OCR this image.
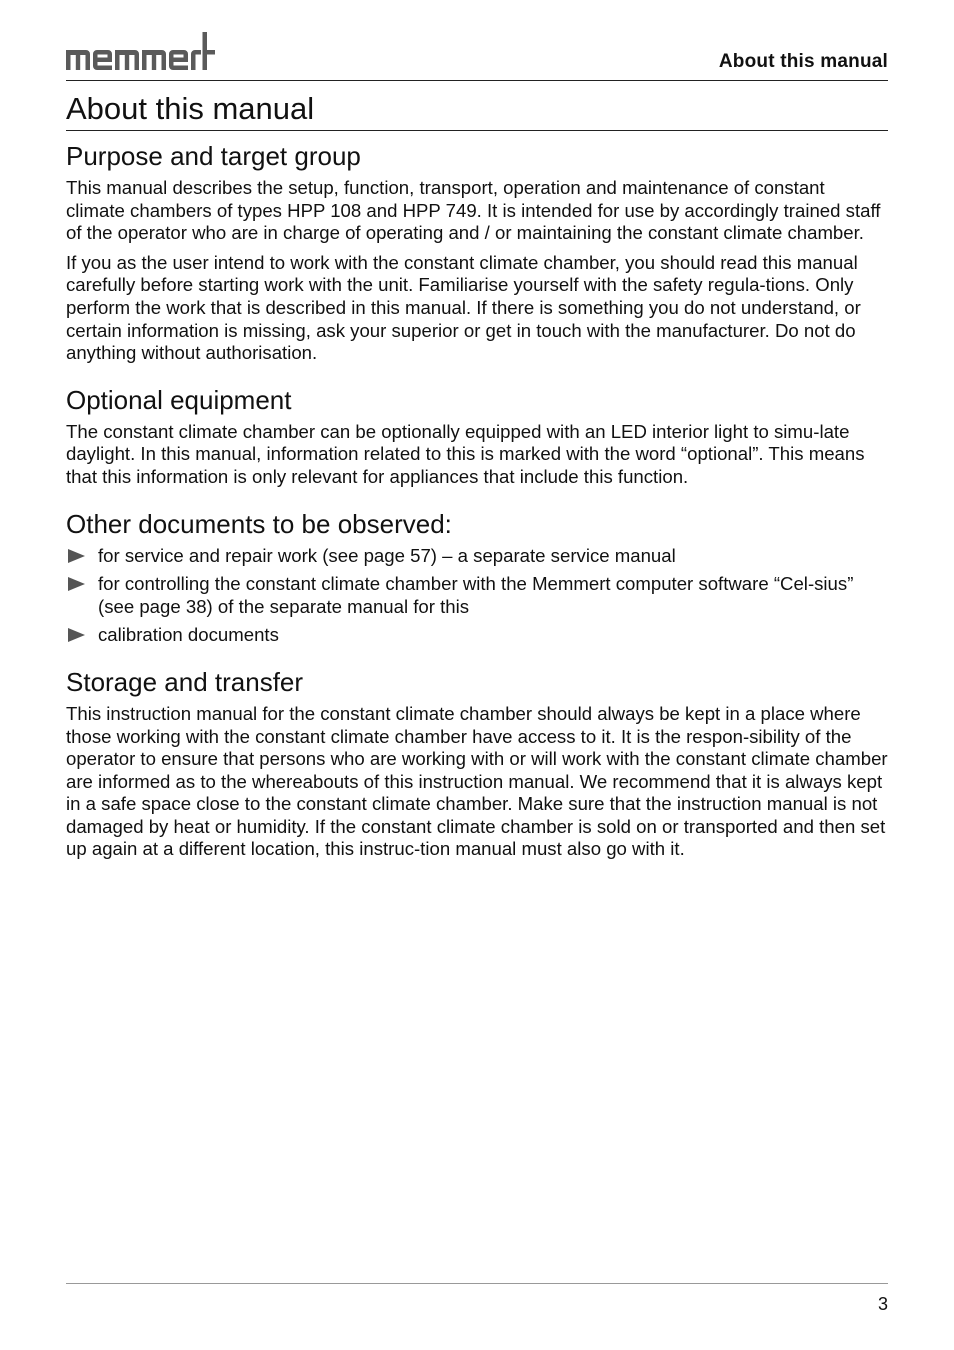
About this manual
About this manual
Purpose and target group

This manual describes the setup, function, transport, operation and maintenance of constant climate chambers of types HPP 108 and HPP 749. It is intended for use by accordingly trained staff of the operator who are in charge of operating and / or maintaining the constant climate chamber.

If you as the user intend to work with the constant climate chamber, you should read this manual carefully before starting work with the unit. Familiarise yourself with the safety regula-tions. Only perform the work that is described in this manual. If there is something you do not understand, or certain information is missing, ask your superior or get in touch with the manufacturer. Do not do anything without authorisation.

Optional equipment

The constant climate chamber can be optionally equipped with an LED interior light to simu-late daylight. In this manual, information related to this is marked with the word “optional”. This means that this information is only relevant for appliances that include this function.

Other documents to be observed:
for service and repair work (see page 57) – a separate service manual
for controlling the constant climate chamber with the Memmert computer software “Cel-sius” (see page 38) of the separate manual for this
calibration documents
Storage and transfer

This instruction manual for the constant climate chamber should always be kept in a place where those working with the constant climate chamber have access to it. It is the respon-sibility of the operator to ensure that persons who are working with or will work with the constant climate chamber are informed as to the whereabouts of this instruction manual. We recommend that it is always kept in a safe space close to the constant climate chamber. Make sure that the instruction manual is not damaged by heat or humidity. If the constant climate chamber is sold on or transported and then set up again at a different location, this instruc-tion manual must also go with it.

3
